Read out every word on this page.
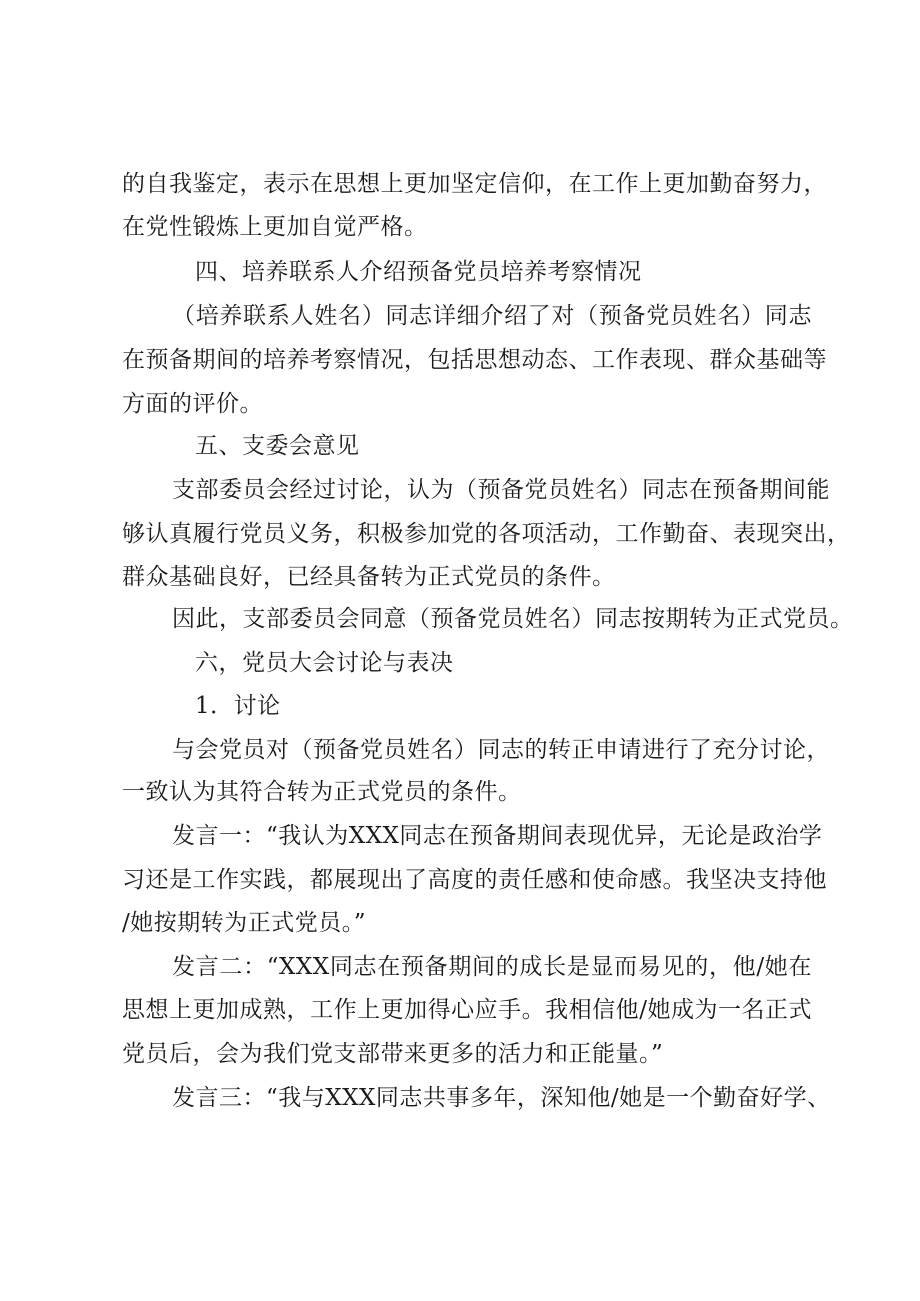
的自我鉴定，表示在思想上更加坚定信仰，在工作上更加勤奋努力，
在党性锻炼上更加自觉严格。
四、培养联系人介绍预备党员培养考察情况
（培养联系人姓名）同志详细介绍了对（预备党员姓名）同志
在预备期间的培养考察情况，包括思想动态、工作表现、群众基础等
方面的评价。
五、支委会意见
支部委员会经过讨论，认为（预备党员姓名）同志在预备期间能
够认真履行党员义务，积极参加党的各项活动，工作勤奋、表现突出，
群众基础良好，已经具备转为正式党员的条件。
因此，支部委员会同意（预备党员姓名）同志按期转为正式党员。
六，党员大会讨论与表决
1．讨论
与会党员对（预备党员姓名）同志的转正申请进行了充分讨论，
一致认为其符合转为正式党员的条件。
发言一：“我认为XXX同志在预备期间表现优异，无论是政治学
习还是工作实践，都展现出了高度的责任感和使命感。我坚决支持他
/她按期转为正式党员。”
发言二：“XXX同志在预备期间的成长是显而易见的，他/她在
思想上更加成熟，工作上更加得心应手。我相信他/她成为一名正式
党员后，会为我们党支部带来更多的活力和正能量。”
发言三：“我与XXX同志共事多年，深知他/她是一个勤奋好学、
